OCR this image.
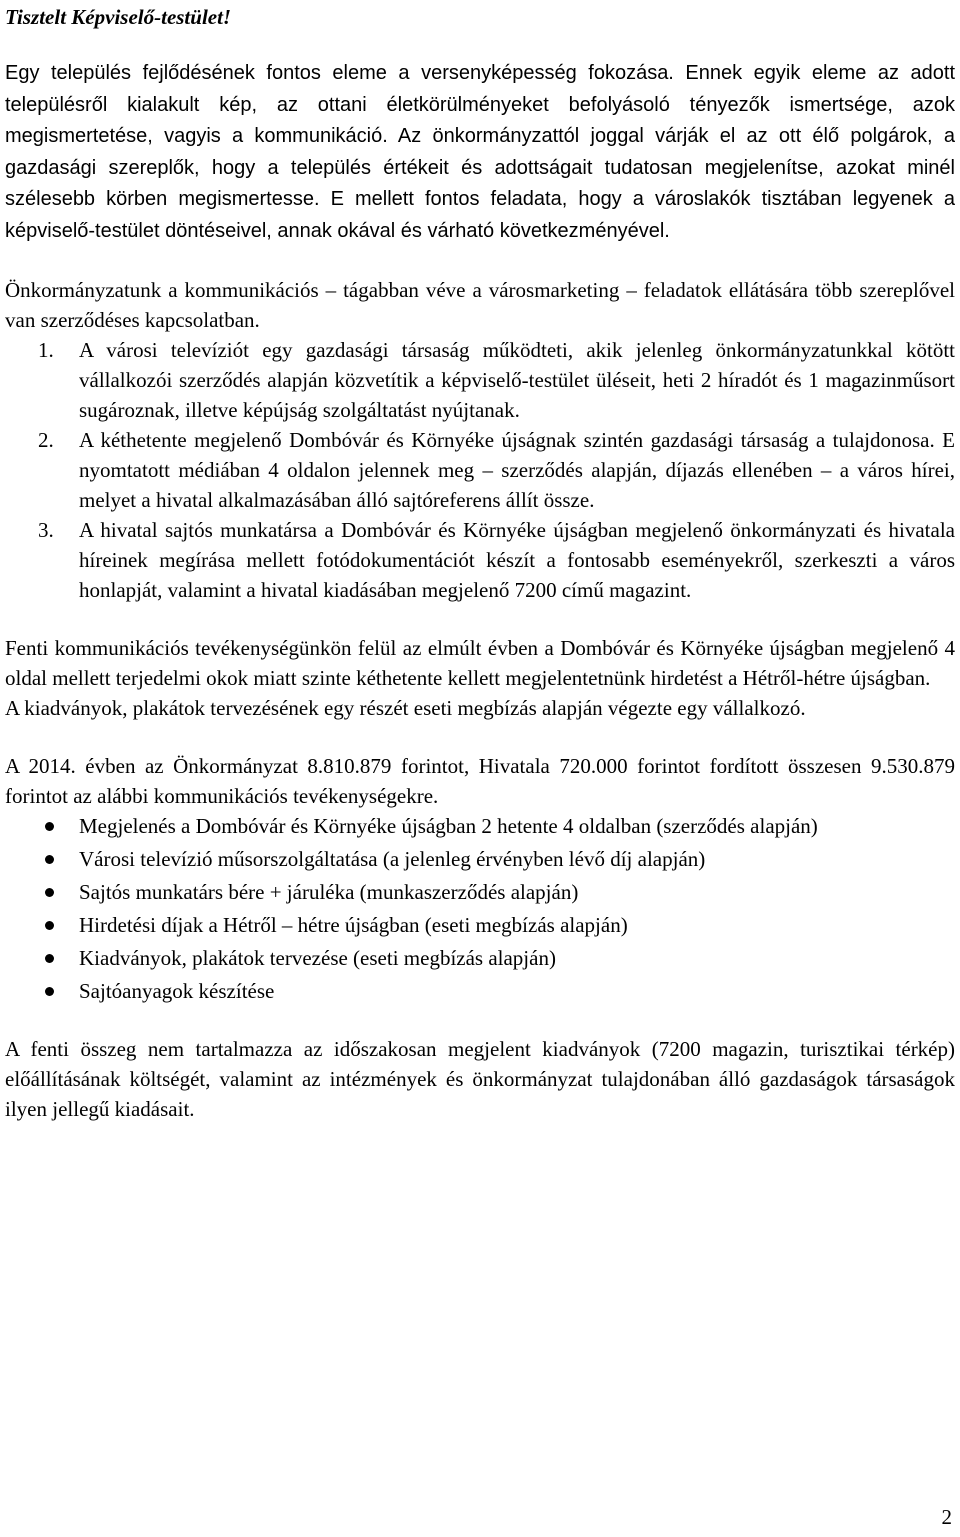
Tisztelt Képviselő-testület!

Egy település fejlődésének fontos eleme a versenyképesség fokozása. Ennek egyik eleme az adott településről kialakult kép, az ottani életkörülményeket befolyásoló tényezők ismertsége, azok megismertetése, vagyis a kommunikáció. Az önkormányzattól joggal várják el az ott élő polgárok, a gazdasági szereplők, hogy a település értékeit és adottságait tudatosan megjelenítse, azokat minél szélesebb körben megismertesse. E mellett fontos feladata, hogy a városlakók tisztában legyenek a képviselő-testület döntéseivel, annak okával és várható következményével.

Önkormányzatunk a kommunikációs – tágabban véve a városmarketing – feladatok ellátására több szereplővel van szerződéses kapcsolatban.

1. A városi televíziót egy gazdasági társaság működteti, akik jelenleg önkormányzatunkkal kötött vállalkozói szerződés alapján közvetítik a képviselő-testület üléseit, heti 2 híradót és 1 magazinműsort sugároznak, illetve képújság szolgáltatást nyújtanak.
2. A kéthetente megjelenő Dombóvár és Környéke újságnak szintén gazdasági társaság a tulajdonosa. E nyomtatott médiában 4 oldalon jelennek meg – szerződés alapján, díjazás ellenében – a város hírei, melyet a hivatal alkalmazásában álló sajtóreferens állít össze.
3. A hivatal sajtós munkatársa a Dombóvár és Környéke újságban megjelenő önkormányzati és hivatala híreinek megírása mellett fotódokumentációt készít a fontosabb eseményekről, szerkeszti a város honlapját, valamint a hivatal kiadásában megjelenő 7200 című magazint.

Fenti kommunikációs tevékenységünkön felül az elmúlt évben a Dombóvár és Környéke újságban megjelenő 4 oldal mellett terjedelmi okok miatt szinte kéthetente kellett megjelentetnünk hirdetést a Hétről-hétre újságban.

A kiadványok, plakátok tervezésének egy részét eseti megbízás alapján végezte egy vállalkozó.

A 2014. évben az Önkormányzat 8.810.879 forintot, Hivatala 720.000 forintot fordított összesen 9.530.879 forintot az alábbi kommunikációs tevékenységekre.

Megjelenés a Dombóvár és Környéke újságban 2 hetente 4 oldalban (szerződés alapján)
Városi televízió műsorszolgáltatása (a jelenleg érvényben lévő díj alapján)
Sajtós munkatárs bére + járuléka (munkaszerződés alapján)
Hirdetési díjak a Hétről – hétre újságban (eseti megbízás alapján)
Kiadványok, plakátok tervezése (eseti megbízás alapján)
Sajtóanyagok készítése

A fenti összeg nem tartalmazza az időszakosan megjelent kiadványok (7200 magazin, turisztikai térkép) előállításának költségét, valamint az intézmények és önkormányzat tulajdonában álló gazdaságok társaságok ilyen jellegű kiadásait.

2
